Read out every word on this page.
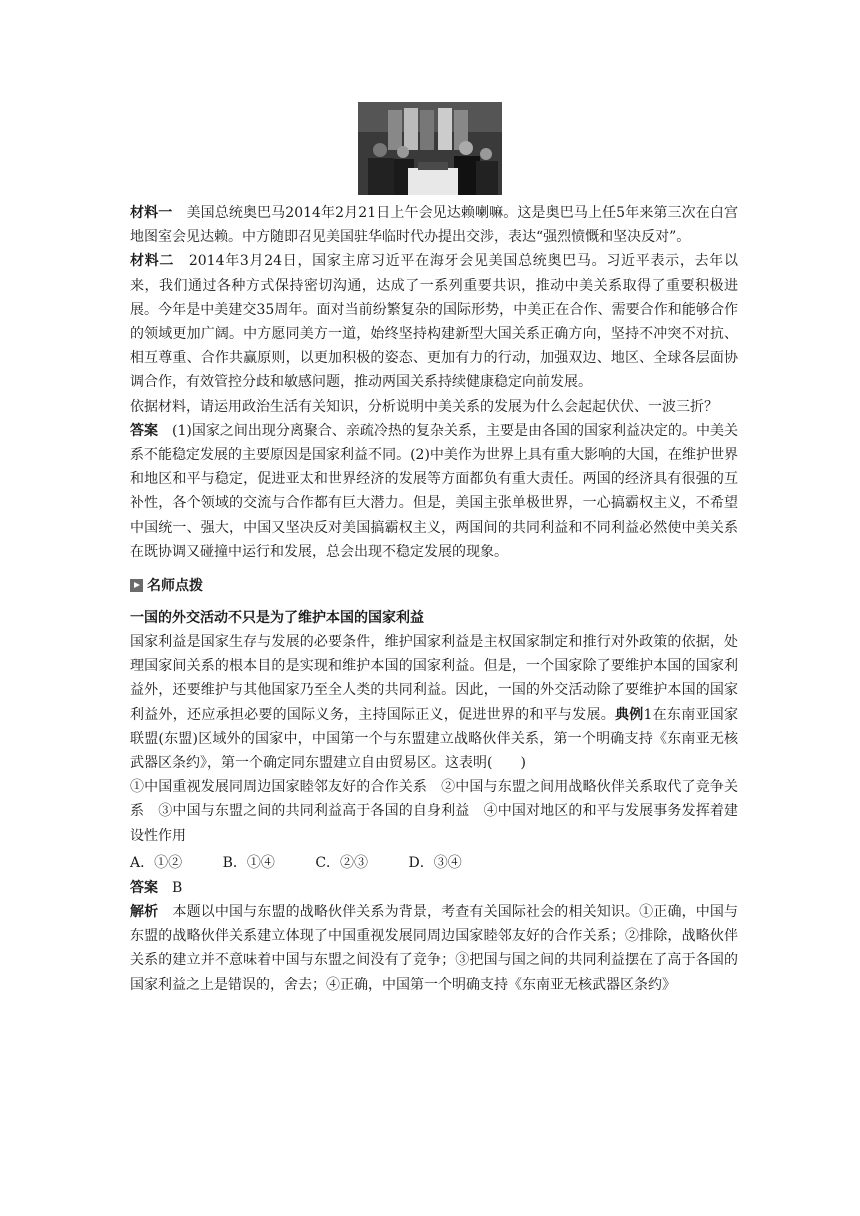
材料一　 美国总统奥巴马2014年2月21日上午会见达赖喇嘛。这是奥巴马上任5年来第三次在白宫地图室会见达赖。中方随即召见美国驻华临时代办提出交涉，表达“强烈愤慨和坚决反对”。

材料二　 2014年3月24日，国家主席习近平在海牙会见美国总统奥巴马。习近平表示，去年以来，我们通过各种方式保持密切沟通，达成了一系列重要共识，推动中美关系取得了重要积极进展。今年是中美建交35周年。面对当前纷繁复杂的国际形势，中美正在合作、需要合作和能够合作的领域更加广阔。中方愿同美方一道，始终坚持构建新型大国关系正确方向，坚持不冲突不对抗、相互尊重、合作共赢原则，以更加积极的姿态、更加有力的行动，加强双边、地区、全球各层面协调合作，有效管控分歧和敏感问题，推动两国关系持续健康稳定向前发展。

依据材料，请运用政治生活有关知识，分析说明中美关系的发展为什么会起起伏伏、一波三折？

答案　 (1)国家之间出现分离聚合、亲疏冷热的复杂关系，主要是由各国的国家利益决定的。中美关系不能稳定发展的主要原因是国家利益不同。(2)中美作为世界上具有重大影响的大国，在维护世界和地区和平与稳定，促进亚太和世界经济的发展等方面都负有重大责任。两国的经济具有很强的互补性，各个领域的交流与合作都有巨大潜力。但是，美国主张单极世界，一心搞霸权主义，不希望中国统一、强大，中国又坚决反对美国搞霸权主义，两国间的共同利益和不同利益必然使中美关系在既协调又碰撞中运行和发展，总会出现不稳定发展的现象。

名师点拨
一国的外交活动不只是为了维护本国的国家利益

国家利益是国家生存与发展的必要条件，维护国家利益是主权国家制定和推行对外政策的依据，处理国家间关系的根本目的是实现和维护本国的国家利益。但是，一个国家除了要维护本国的国家利益外，还要维护与其他国家乃至全人类的共同利益。因此，一国的外交活动除了要维护本国的国家利益外，还应承担必要的国际义务，主持国际正义，促进世界的和平与发展。典例1在东南亚国家联盟(东盟)区域外的国家中，中国第一个与东盟建立战略伙伴关系，第一个明确支持《东南亚无核武器区条约》，第一个确定同东盟建立自由贸易区。这表明(　　)

①中国重视发展同周边国家睦邻友好的合作关系　②中国与东盟之间用战略伙伴关系取代了竞争关系　③中国与东盟之间的共同利益高于各国的自身利益　④中国对地区的和平与发展事务发挥着建设性作用

A．①②	B．①④	C．②③	D．③④

答案　 B

解析　 本题以中国与东盟的战略伙伴关系为背景，考查有关国际社会的相关知识。①正确，中国与东盟的战略伙伴关系建立体现了中国重视发展同周边国家睦邻友好的合作关系；②排除，战略伙伴关系的建立并不意味着中国与东盟之间没有了竞争；③把国与国之间的共同利益摆在了高于各国的国家利益之上是错误的，舍去；④正确，中国第一个明确支持《东南亚无核武器区条约》
